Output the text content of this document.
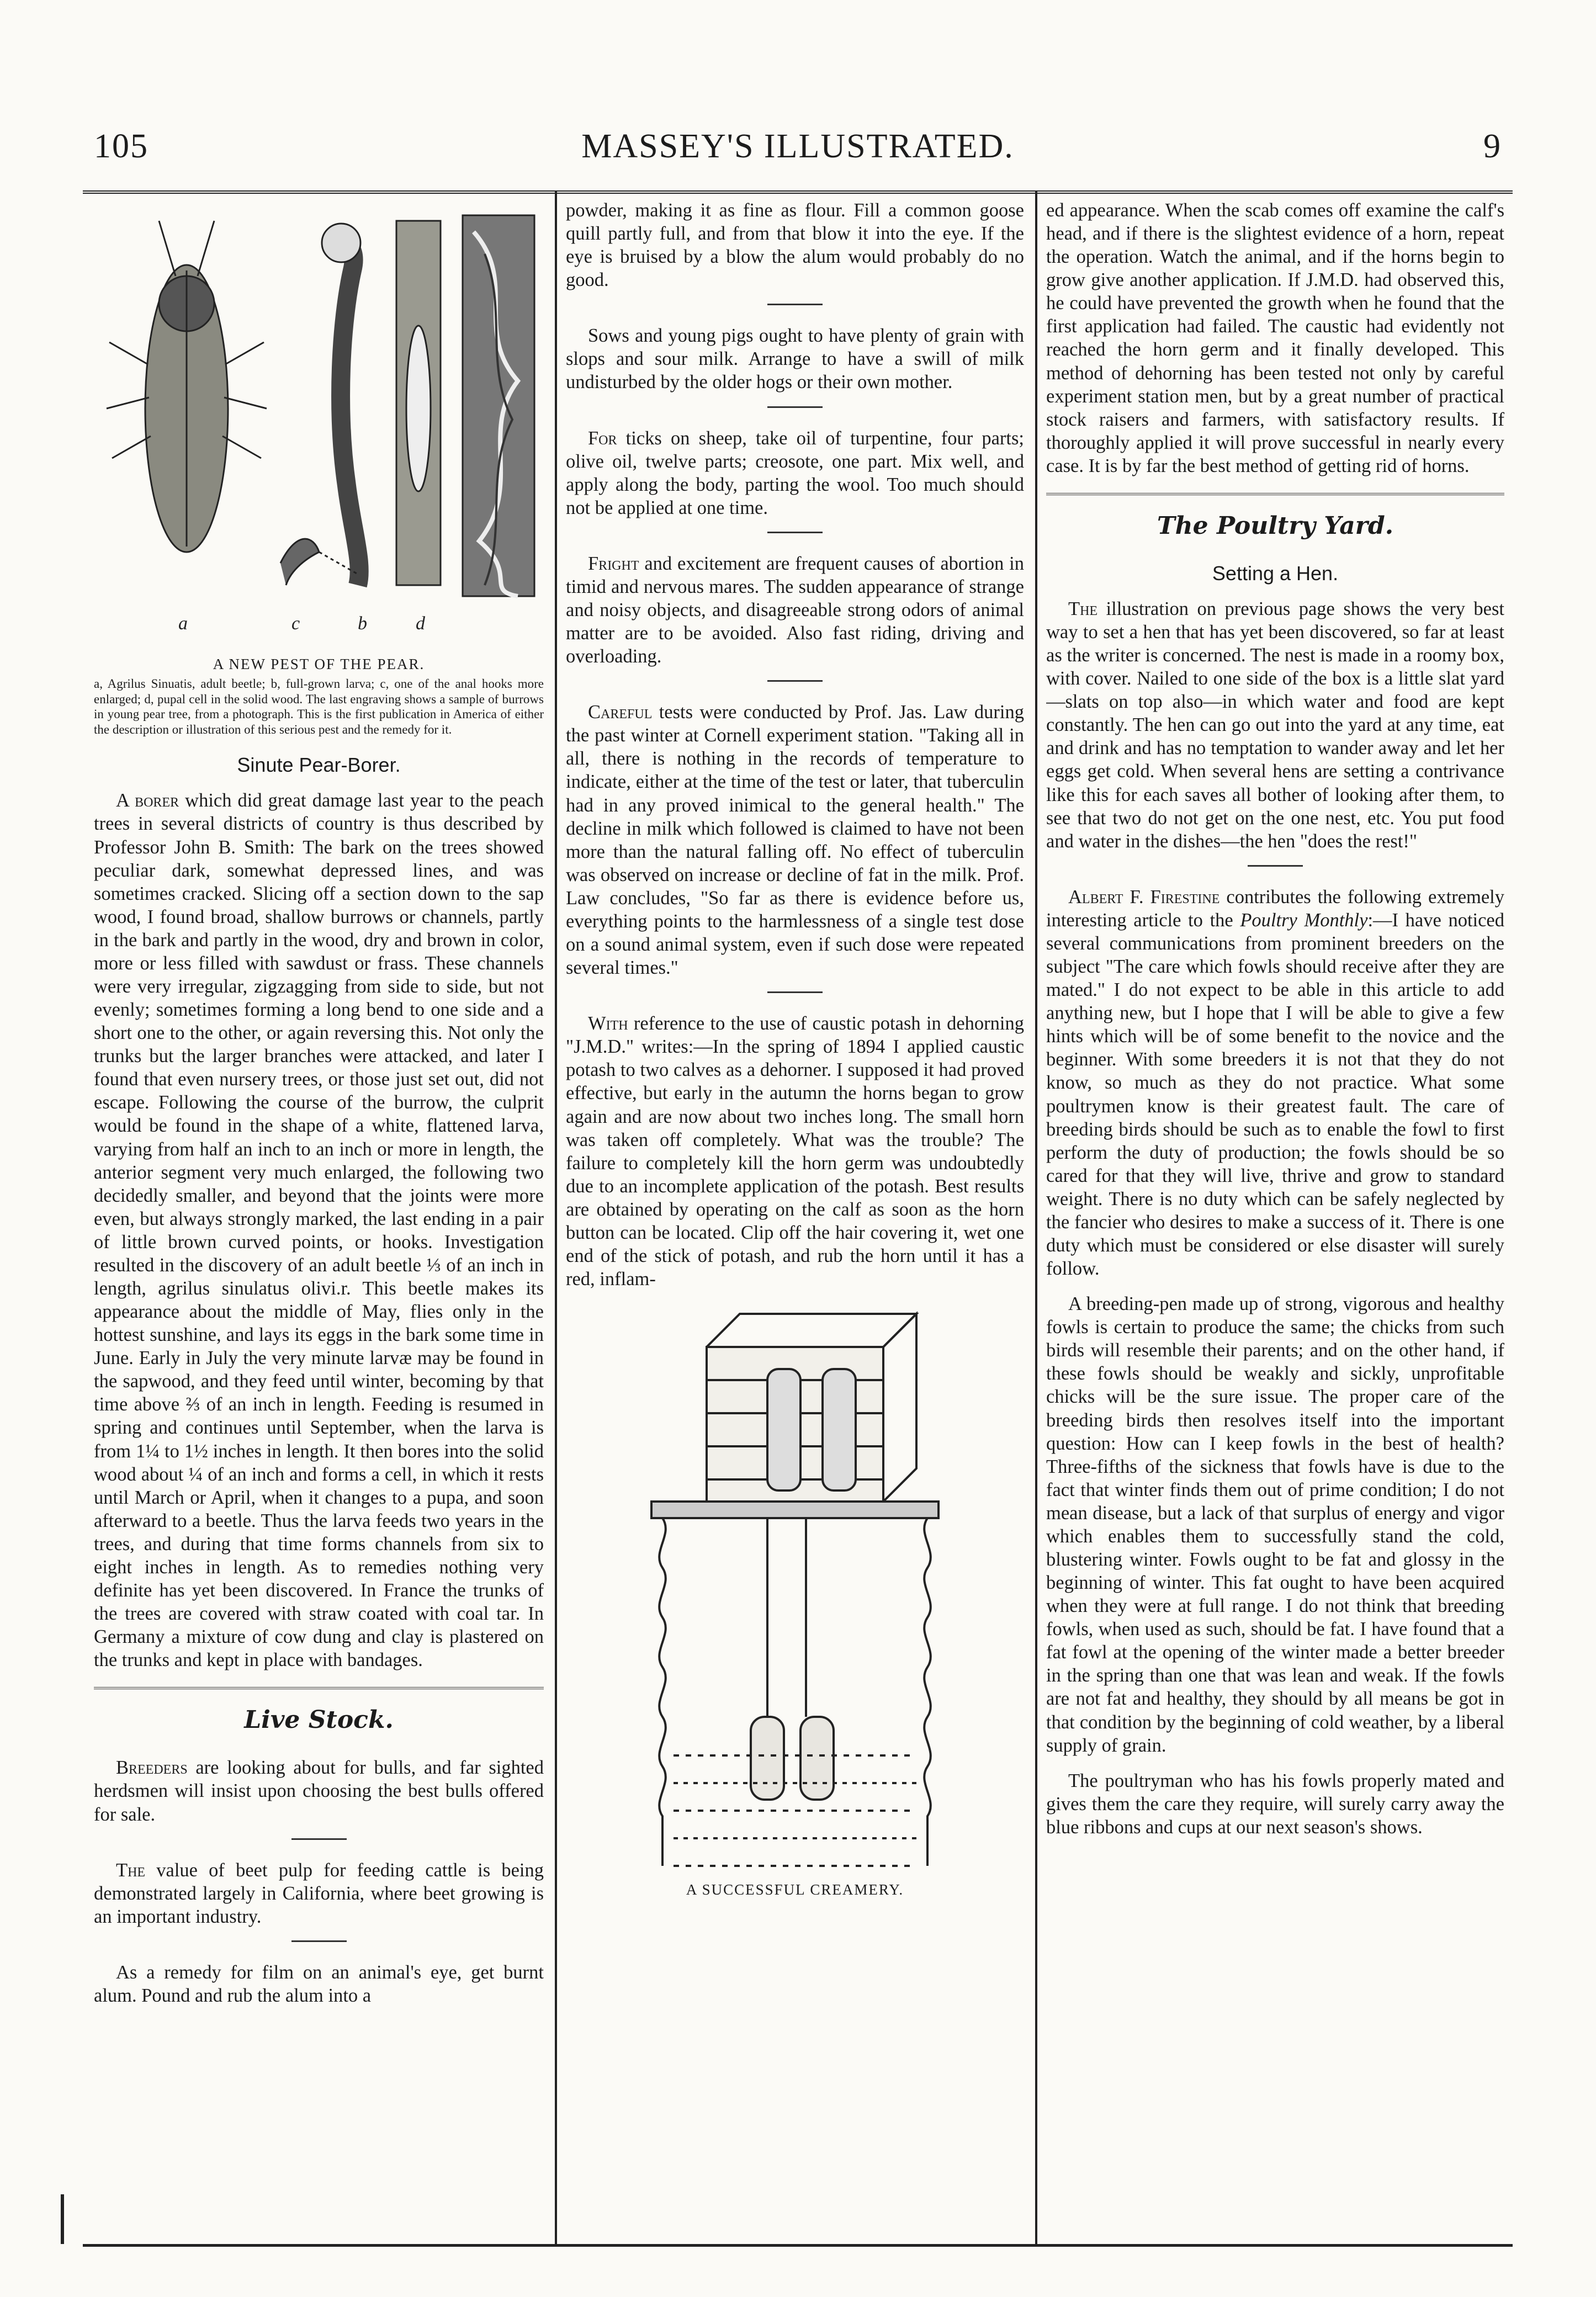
105	MASSEY'S ILLUSTRATED.	9
a	c	b	d
A NEW PEST OF THE PEAR.
a, Agrilus Sinuatis, adult beetle; b, full-grown larva; c, one of the anal hooks more enlarged; d, pupal cell in the solid wood. The last engraving shows a sample of burrows in young pear tree, from a photograph. This is the first publication in America of either the description or illustration of this serious pest and the remedy for it.
Sinute Pear-Borer.

A borer which did great damage last year to the peach trees in several districts of country is thus described by Professor John B. Smith: The bark on the trees showed peculiar dark, somewhat depressed lines, and was sometimes cracked. Slicing off a section down to the sap wood, I found broad, shallow burrows or channels, partly in the bark and partly in the wood, dry and brown in color, more or less filled with sawdust or frass. These channels were very irregular, zigzagging from side to side, but not evenly; sometimes forming a long bend to one side and a short one to the other, or again reversing this. Not only the trunks but the larger branches were attacked, and later I found that even nursery trees, or those just set out, did not escape. Following the course of the burrow, the culprit would be found in the shape of a white, flattened larva, varying from half an inch to an inch or more in length, the anterior segment very much enlarged, the following two decidedly smaller, and beyond that the joints were more even, but always strongly marked, the last ending in a pair of little brown curved points, or hooks. Investigation resulted in the discovery of an adult beetle ⅓ of an inch in length, agrilus sinulatus olivi.r. This beetle makes its appearance about the middle of May, flies only in the hottest sunshine, and lays its eggs in the bark some time in June. Early in July the very minute larvæ may be found in the sapwood, and they feed until winter, becoming by that time above ⅔ of an inch in length. Feeding is resumed in spring and continues until September, when the larva is from 1¼ to 1½ inches in length. It then bores into the solid wood about ¼ of an inch and forms a cell, in which it rests until March or April, when it changes to a pupa, and soon afterward to a beetle. Thus the larva feeds two years in the trees, and during that time forms channels from six to eight inches in length. As to remedies nothing very definite has yet been discovered. In France the trunks of the trees are covered with straw coated with coal tar. In Germany a mixture of cow dung and clay is plastered on the trunks and kept in place with bandages.

Live Stock.

Breeders are looking about for bulls, and far sighted herdsmen will insist upon choosing the best bulls offered for sale.

The value of beet pulp for feeding cattle is being demonstrated largely in California, where beet growing is an important industry.

As a remedy for film on an animal's eye, get burnt alum. Pound and rub the alum into a

powder, making it as fine as flour. Fill a common goose quill partly full, and from that blow it into the eye. If the eye is bruised by a blow the alum would probably do no good.

Sows and young pigs ought to have plenty of grain with slops and sour milk. Arrange to have a swill of milk undisturbed by the older hogs or their own mother.

For ticks on sheep, take oil of turpentine, four parts; olive oil, twelve parts; creosote, one part. Mix well, and apply along the body, parting the wool. Too much should not be applied at one time.

Fright and excitement are frequent causes of abortion in timid and nervous mares. The sudden appearance of strange and noisy objects, and disagreeable strong odors of animal matter are to be avoided. Also fast riding, driving and overloading.

Careful tests were conducted by Prof. Jas. Law during the past winter at Cornell experiment station. "Taking all in all, there is nothing in the records of temperature to indicate, either at the time of the test or later, that tuberculin had in any proved inimical to the general health." The decline in milk which followed is claimed to have not been more than the natural falling off. No effect of tuberculin was observed on increase or decline of fat in the milk. Prof. Law concludes, "So far as there is evidence before us, everything points to the harmlessness of a single test dose on a sound animal system, even if such dose were repeated several times."

With reference to the use of caustic potash in dehorning "J.M.D." writes:—In the spring of 1894 I applied caustic potash to two calves as a dehorner. I supposed it had proved effective, but early in the autumn the horns began to grow again and are now about two inches long. The small horn was taken off completely. What was the trouble? The failure to completely kill the horn germ was undoubtedly due to an incomplete application of the potash. Best results are obtained by operating on the calf as soon as the horn button can be located. Clip off the hair covering it, wet one end of the stick of potash, and rub the horn until it has a red, inflam-

A SUCCESSFUL CREAMERY.

ed appearance. When the scab comes off examine the calf's head, and if there is the slightest evidence of a horn, repeat the operation. Watch the animal, and if the horns begin to grow give another application. If J.M.D. had observed this, he could have prevented the growth when he found that the first application had failed. The caustic had evidently not reached the horn germ and it finally developed. This method of dehorning has been tested not only by careful experiment station men, but by a great number of practical stock raisers and farmers, with satisfactory results. If thoroughly applied it will prove successful in nearly every case. It is by far the best method of getting rid of horns.

The Poultry Yard.
Setting a Hen.

The illustration on previous page shows the very best way to set a hen that has yet been discovered, so far at least as the writer is concerned. The nest is made in a roomy box, with cover. Nailed to one side of the box is a little slat yard—slats on top also—in which water and food are kept constantly. The hen can go out into the yard at any time, eat and drink and has no temptation to wander away and let her eggs get cold. When several hens are setting a contrivance like this for each saves all bother of looking after them, to see that two do not get on the one nest, etc. You put food and water in the dishes—the hen "does the rest!"

Albert F. Firestine contributes the following extremely interesting article to the Poultry Monthly:—I have noticed several communications from prominent breeders on the subject "The care which fowls should receive after they are mated." I do not expect to be able in this article to add anything new, but I hope that I will be able to give a few hints which will be of some benefit to the novice and the beginner. With some breeders it is not that they do not know, so much as they do not practice. What some poultrymen know is their greatest fault. The care of breeding birds should be such as to enable the fowl to first perform the duty of production; the fowls should be so cared for that they will live, thrive and grow to standard weight. There is no duty which can be safely neglected by the fancier who desires to make a success of it. There is one duty which must be considered or else disaster will surely follow.

A breeding-pen made up of strong, vigorous and healthy fowls is certain to produce the same; the chicks from such birds will resemble their parents; and on the other hand, if these fowls should be weakly and sickly, unprofitable chicks will be the sure issue. The proper care of the breeding birds then resolves itself into the important question: How can I keep fowls in the best of health? Three-fifths of the sickness that fowls have is due to the fact that winter finds them out of prime condition; I do not mean disease, but a lack of that surplus of energy and vigor which enables them to successfully stand the cold, blustering winter. Fowls ought to be fat and glossy in the beginning of winter. This fat ought to have been acquired when they were at full range. I do not think that breeding fowls, when used as such, should be fat. I have found that a fat fowl at the opening of the winter made a better breeder in the spring than one that was lean and weak. If the fowls are not fat and healthy, they should by all means be got in that condition by the beginning of cold weather, by a liberal supply of grain.

The poultryman who has his fowls properly mated and gives them the care they require, will surely carry away the blue ribbons and cups at our next season's shows.
